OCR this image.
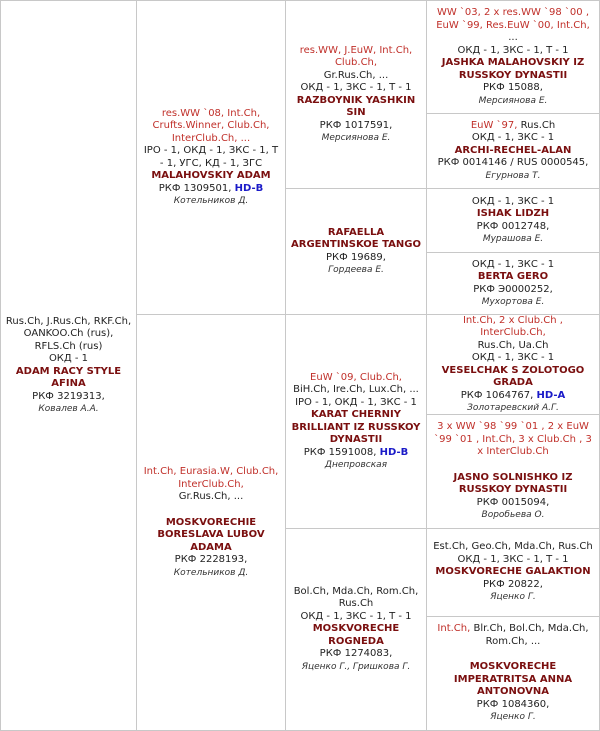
Rus.Ch, J.Rus.Ch, RKF.Ch, OANKOO.Ch (rus), RFLS.Ch (rus)
ОКД - 1
ADAM RACY STYLE AFINA
РКФ 3219313,
Ковалев А.А.
res.WW `08, Int.Ch, Crufts.Winner, Club.Ch, InterClub.Ch, ...
IPO - 1, ОКД - 1, ЗКС - 1, Т - 1, УГС, КД - 1, ЗГС
MALAHOVSKIY ADAM
РКФ 1309501, HD-B
Котельников Д.
Int.Ch, Eurasia.W, Club.Ch, InterClub.Ch,
Gr.Rus.Ch, ...
MOSKVORECHIE BORESLAVA LUBOV ADAMA
РКФ 2228193,
Котельников Д.
res.WW, J.EuW, Int.Ch, Club.Ch,
Gr.Rus.Ch, ...
ОКД - 1, ЗКС - 1, Т - 1
RAZBOYNIK YASHKIN SIN
РКФ 1017591,
Мерсиянова Е.
RAFAELLA ARGENTINSKOE TANGO
РКФ 19689,
Гордеева Е.
EuW `09, Club.Ch,
BiH.Ch, Ire.Ch, Lux.Ch, ...
IPO - 1, ОКД - 1, ЗКС - 1
KARAT CHERNIY BRILLIANT IZ RUSSKOY DYNASTII
РКФ 1591008, HD-B
Днепровская
Bol.Ch, Mda.Ch, Rom.Ch, Rus.Ch
ОКД - 1, ЗКС - 1, Т - 1
MOSKVORECHE ROGNEDA
РКФ 1274083,
Яценко Г., Гришкова Г.
WW `03, 2 x res.WW `98 `00 , EuW `99, Res.EuW `00, Int.Ch,
...
ОКД - 1, ЗКС - 1, Т - 1
JASHKA MALAHOVSKIY IZ RUSSKOY DYNASTII
РКФ 15088,
Мерсиянова Е.
EuW `97, Rus.Ch
ОКД - 1, ЗКС - 1
ARCHI-RECHEL-ALAN
РКФ 0014146 / RUS 0000545,
Егурнова Т.
ОКД - 1, ЗКС - 1
ISHAK LIDZH
РКФ 0012748,
Мурашова Е.
ОКД - 1, ЗКС - 1
BERTA GERO
РКФ Э0000252,
Мухортова Е.
Int.Ch, 2 x Club.Ch , InterClub.Ch,
Rus.Ch, Ua.Ch
ОКД - 1, ЗКС - 1
VESELCHAK S ZOLOTOGO GRADA
РКФ 1064767, HD-A
Золотаревский А.Г.
3 x WW `98 `99 `01 , 2 x EuW `99 `01 , Int.Ch, 3 x Club.Ch , 3 x InterClub.Ch
JASNO SOLNISHKO IZ RUSSKOY DYNASTII
РКФ 0015094,
Воробьева О.
Est.Ch, Geo.Ch, Mda.Ch, Rus.Ch
ОКД - 1, ЗКС - 1, Т - 1
MOSKVORECHE GALAKTION
РКФ 20822,
Яценко Г.
Int.Ch, Blr.Ch, Bol.Ch, Mda.Ch, Rom.Ch, ...
MOSKVORECHE IMPERATRITSA ANNA ANTONOVNA
РКФ 1084360,
Яценко Г.
